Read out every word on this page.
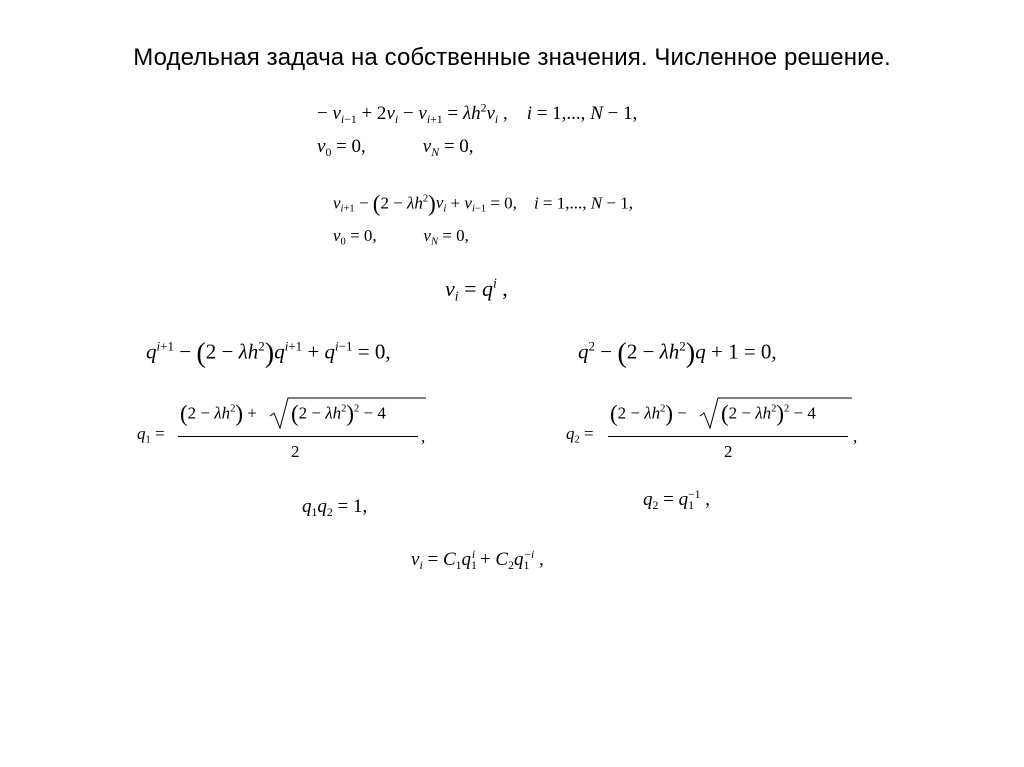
Модельная задача на собственные значения. Численное решение.
− $v_{i-1} + 2v_i - v_{i+1} = \lambda h^2v_i$ ,    i = 1,..., N − 1,
$v_0 = 0$,            $v_N = 0$,
$v_{i+1} - (2 - \lambda h^2)v_i + v_{i-1} = 0$,    i = 1,..., N − 1,
$v_0 = 0$,           $v_N = 0$,
$v_i = q^i$ ,
$q^{i+1} - (2 - \lambda h^2)q^{i+1} + q^{i-1} = 0$,	$q^2 - (2 - \lambda h^2)q + 1 = 0$,
$q_1$ =
$(2 - \lambda h^2) + (2 - \lambda h^2)^2 - 4$
2
,	$q_2$ =
$(2 - \lambda h^2) - (2 - \lambda h^2)^2 - 4$
2
,
$q_1q_2 = 1$,	$q_2 = q_1^{-1}$ ,
$v_i = C_1q_1^i + C_2q_1^{-i}$ ,
